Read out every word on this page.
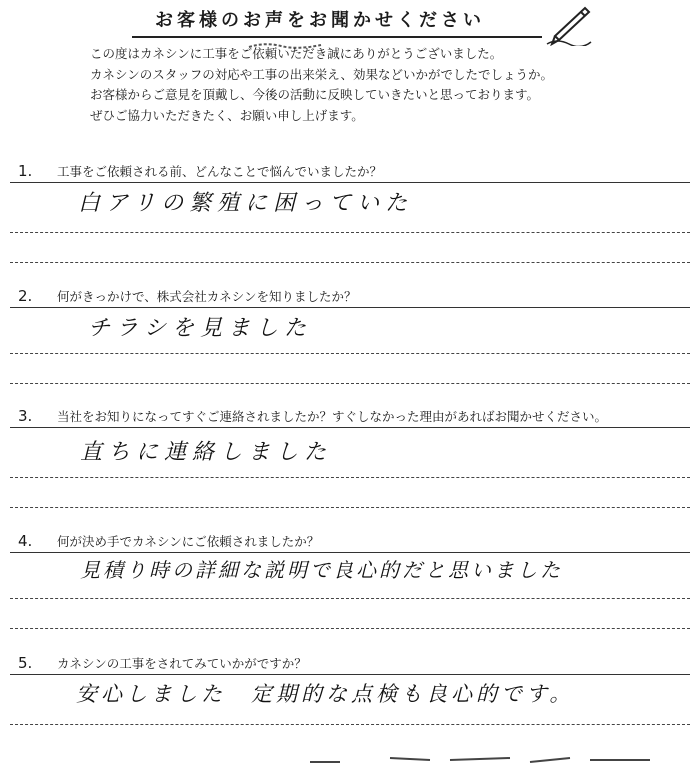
お客様のお声をお聞かせください
この度はカネシンに工事をご依頼いただき誠にありがとうございました。
カネシンのスタッフの対応や工事の出来栄え、効果などいかがでしたでしょうか。
お客様からご意見を頂戴し、今後の活動に反映していきたいと思っております。
ぜひご協力いただきたく、お願い申し上げます。
1. 工事をご依頼される前、どんなことで悩んでいましたか？
白アリの繁殖に困っていた
2. 何がきっかけで、株式会社カネシンを知りましたか？
チラシを見ました
3. 当社をお知りになってすぐご連絡されましたか？すぐしなかった理由があればお聞かせください。
直ちに連絡しました
4. 何が決め手でカネシンにご依頼されましたか？
見積り時の詳細な説明で良心的だと思いました
5. カネシンの工事をされてみていかがですか？
安心しました　定期的な点検も良心的です。
